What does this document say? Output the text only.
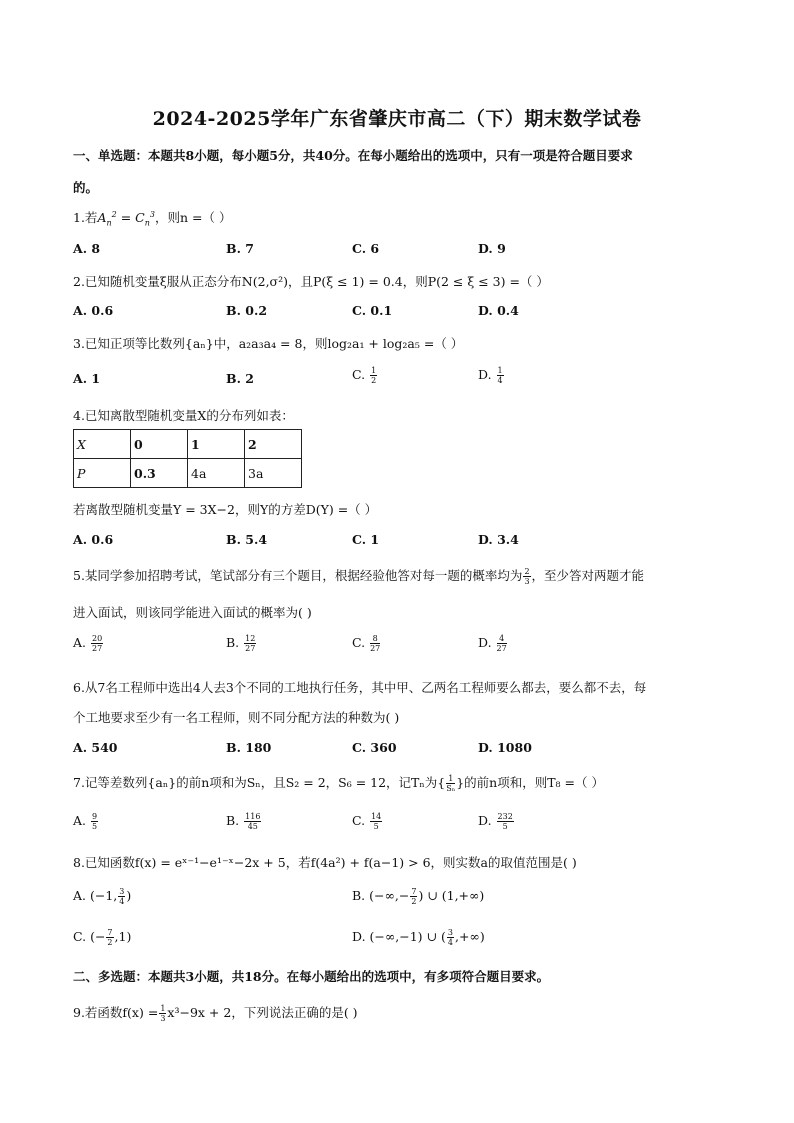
2024-2025学年广东省肇庆市高二（下）期末数学试卷
一、单选题：本题共8小题，每小题5分，共40分。在每小题给出的选项中，只有一项是符合题目要求
的。
1.若$A_n^2 = C_n^3$，则n =（ ）
A. 8	B. 7	C. 6	D. 9
2.已知随机变量ξ服从正态分布N(2,σ²)，且P(ξ ≤ 1) = 0.4，则P(2 ≤ ξ ≤ 3) =（ ）
A. 0.6	B. 0.2	C. 0.1	D. 0.4
3.已知正项等比数列{aₙ}中，a₂a₃a₄ = 8，则log₂a₁ + log₂a₅ =（ ）
A. 1	B. 2	C. $\frac{1}{2}$	D. $\frac{1}{4}$
4.已知离散型随机变量X的分布列如表：
X	0	1	2
P	0.3	4a	3a
若离散型随机变量Y = 3X−2，则Y的方差D(Y) =（ ）
A. 0.6	B. 5.4	C. 1	D. 3.4
5.某同学参加招聘考试，笔试部分有三个题目，根据经验他答对每一题的概率均为 $\frac{2}{3}$ ，至少答对两题才能
进入面试，则该同学能进入面试的概率为( )
A. $\frac{20}{27}$	B. $\frac{12}{27}$	C. $\frac{8}{27}$	D. $\frac{4}{27}$
6.从7名工程师中选出4人去3个不同的工地执行任务，其中甲、乙两名工程师要么都去，要么都不去，每
个工地要求至少有一名工程师，则不同分配方法的种数为( )
A. 540	B. 180	C. 360	D. 1080
7.记等差数列{aₙ}的前n项和为Sₙ，且S₂ = 2，S₆ = 12，记Tₙ为{ $\frac{1}{\text{Sₙ}}$ }的前n项和，则T₈ =（ ）
A. $\frac{9}{5}$	B. $\frac{116}{45}$	C. $\frac{14}{5}$	D. $\frac{232}{5}$
8.已知函数f(x) = eˣ⁻¹−e¹⁻ˣ−2x + 5，若f(4a²) + f(a−1) > 6，则实数a的取值范围是( )
A. (−1, $\frac{3}{4}$ )	B. (−∞,− $\frac{7}{2}$ ) ∪ (1,+∞)
C. (− $\frac{7}{2} ,1$)	D. (−∞,−1) ∪ ( $\frac{3}{4}$ ,+∞)
二、多选题：本题共3小题，共18分。在每小题给出的选项中，有多项符合题目要求。
9.若函数$f(x) = \frac{1}{3} x^3-9x + 2$，下列说法正确的是( )
